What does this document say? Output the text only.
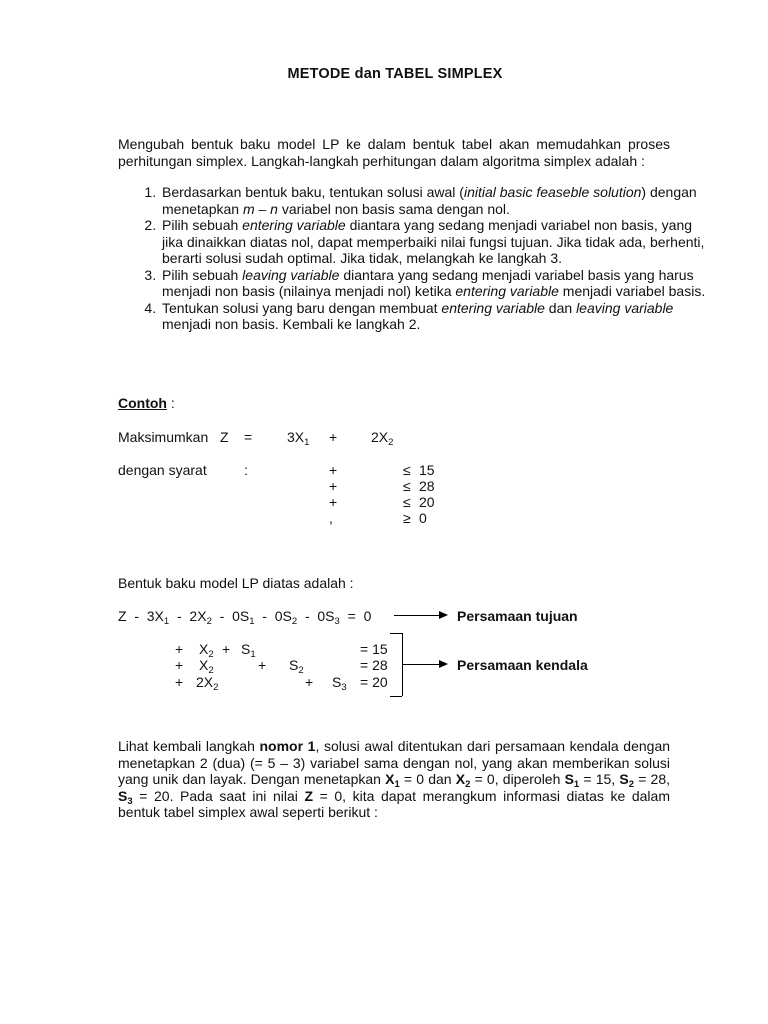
METODE dan TABEL SIMPLEX
Mengubah bentuk baku model LP ke dalam bentuk tabel akan memudahkan proses perhitungan simplex. Langkah-langkah perhitungan dalam algoritma simplex adalah :
1. Berdasarkan bentuk baku, tentukan solusi awal (initial basic feaseble solution) dengan menetapkan m – n variabel non basis sama dengan nol.
2. Pilih sebuah entering variable diantara yang sedang menjadi variabel non basis, yang jika dinaikkan diatas nol, dapat memperbaiki nilai fungsi tujuan. Jika tidak ada, berhenti, berarti solusi sudah optimal. Jika tidak, melangkah ke langkah 3.
3. Pilih sebuah leaving variable diantara yang sedang menjadi variabel basis yang harus menjadi non basis (nilainya menjadi nol) ketika entering variable menjadi variabel basis.
4. Tentukan solusi yang baru dengan membuat entering variable dan leaving variable menjadi non basis. Kembali ke langkah 2.
Contoh :
Maksimumkan $Z = 3X_1 + 2X_2$
dengan syarat	:	+	≤ 15
+	≤ 28
+	≤ 20
,	≥ 0
Bentuk baku model LP diatas adalah :
$Z - 3X_1 - 2X_2 - 0S_1 - 0S_2 - 0S_3 = 0$	Persamaan tujuan
+ $X_2 + S_1$	= 15
+ $X_2$	+ $S_2$	= 28
+ $2X_2$	+ $S_3 = 20$
Persamaan kendala
Lihat kembali langkah nomor 1, solusi awal ditentukan dari persamaan kendala dengan menetapkan 2 (dua) (= 5 – 3) variabel sama dengan nol, yang akan memberikan solusi yang unik dan layak. Dengan menetapkan $X_1 = 0$ dan $X_2 = 0$, diperoleh $S_1 = 15$, $S_2 = 28$, $S_3 = 20$. Pada saat ini nilai Z = 0, kita dapat merangkum informasi diatas ke dalam bentuk tabel simplex awal seperti berikut :
